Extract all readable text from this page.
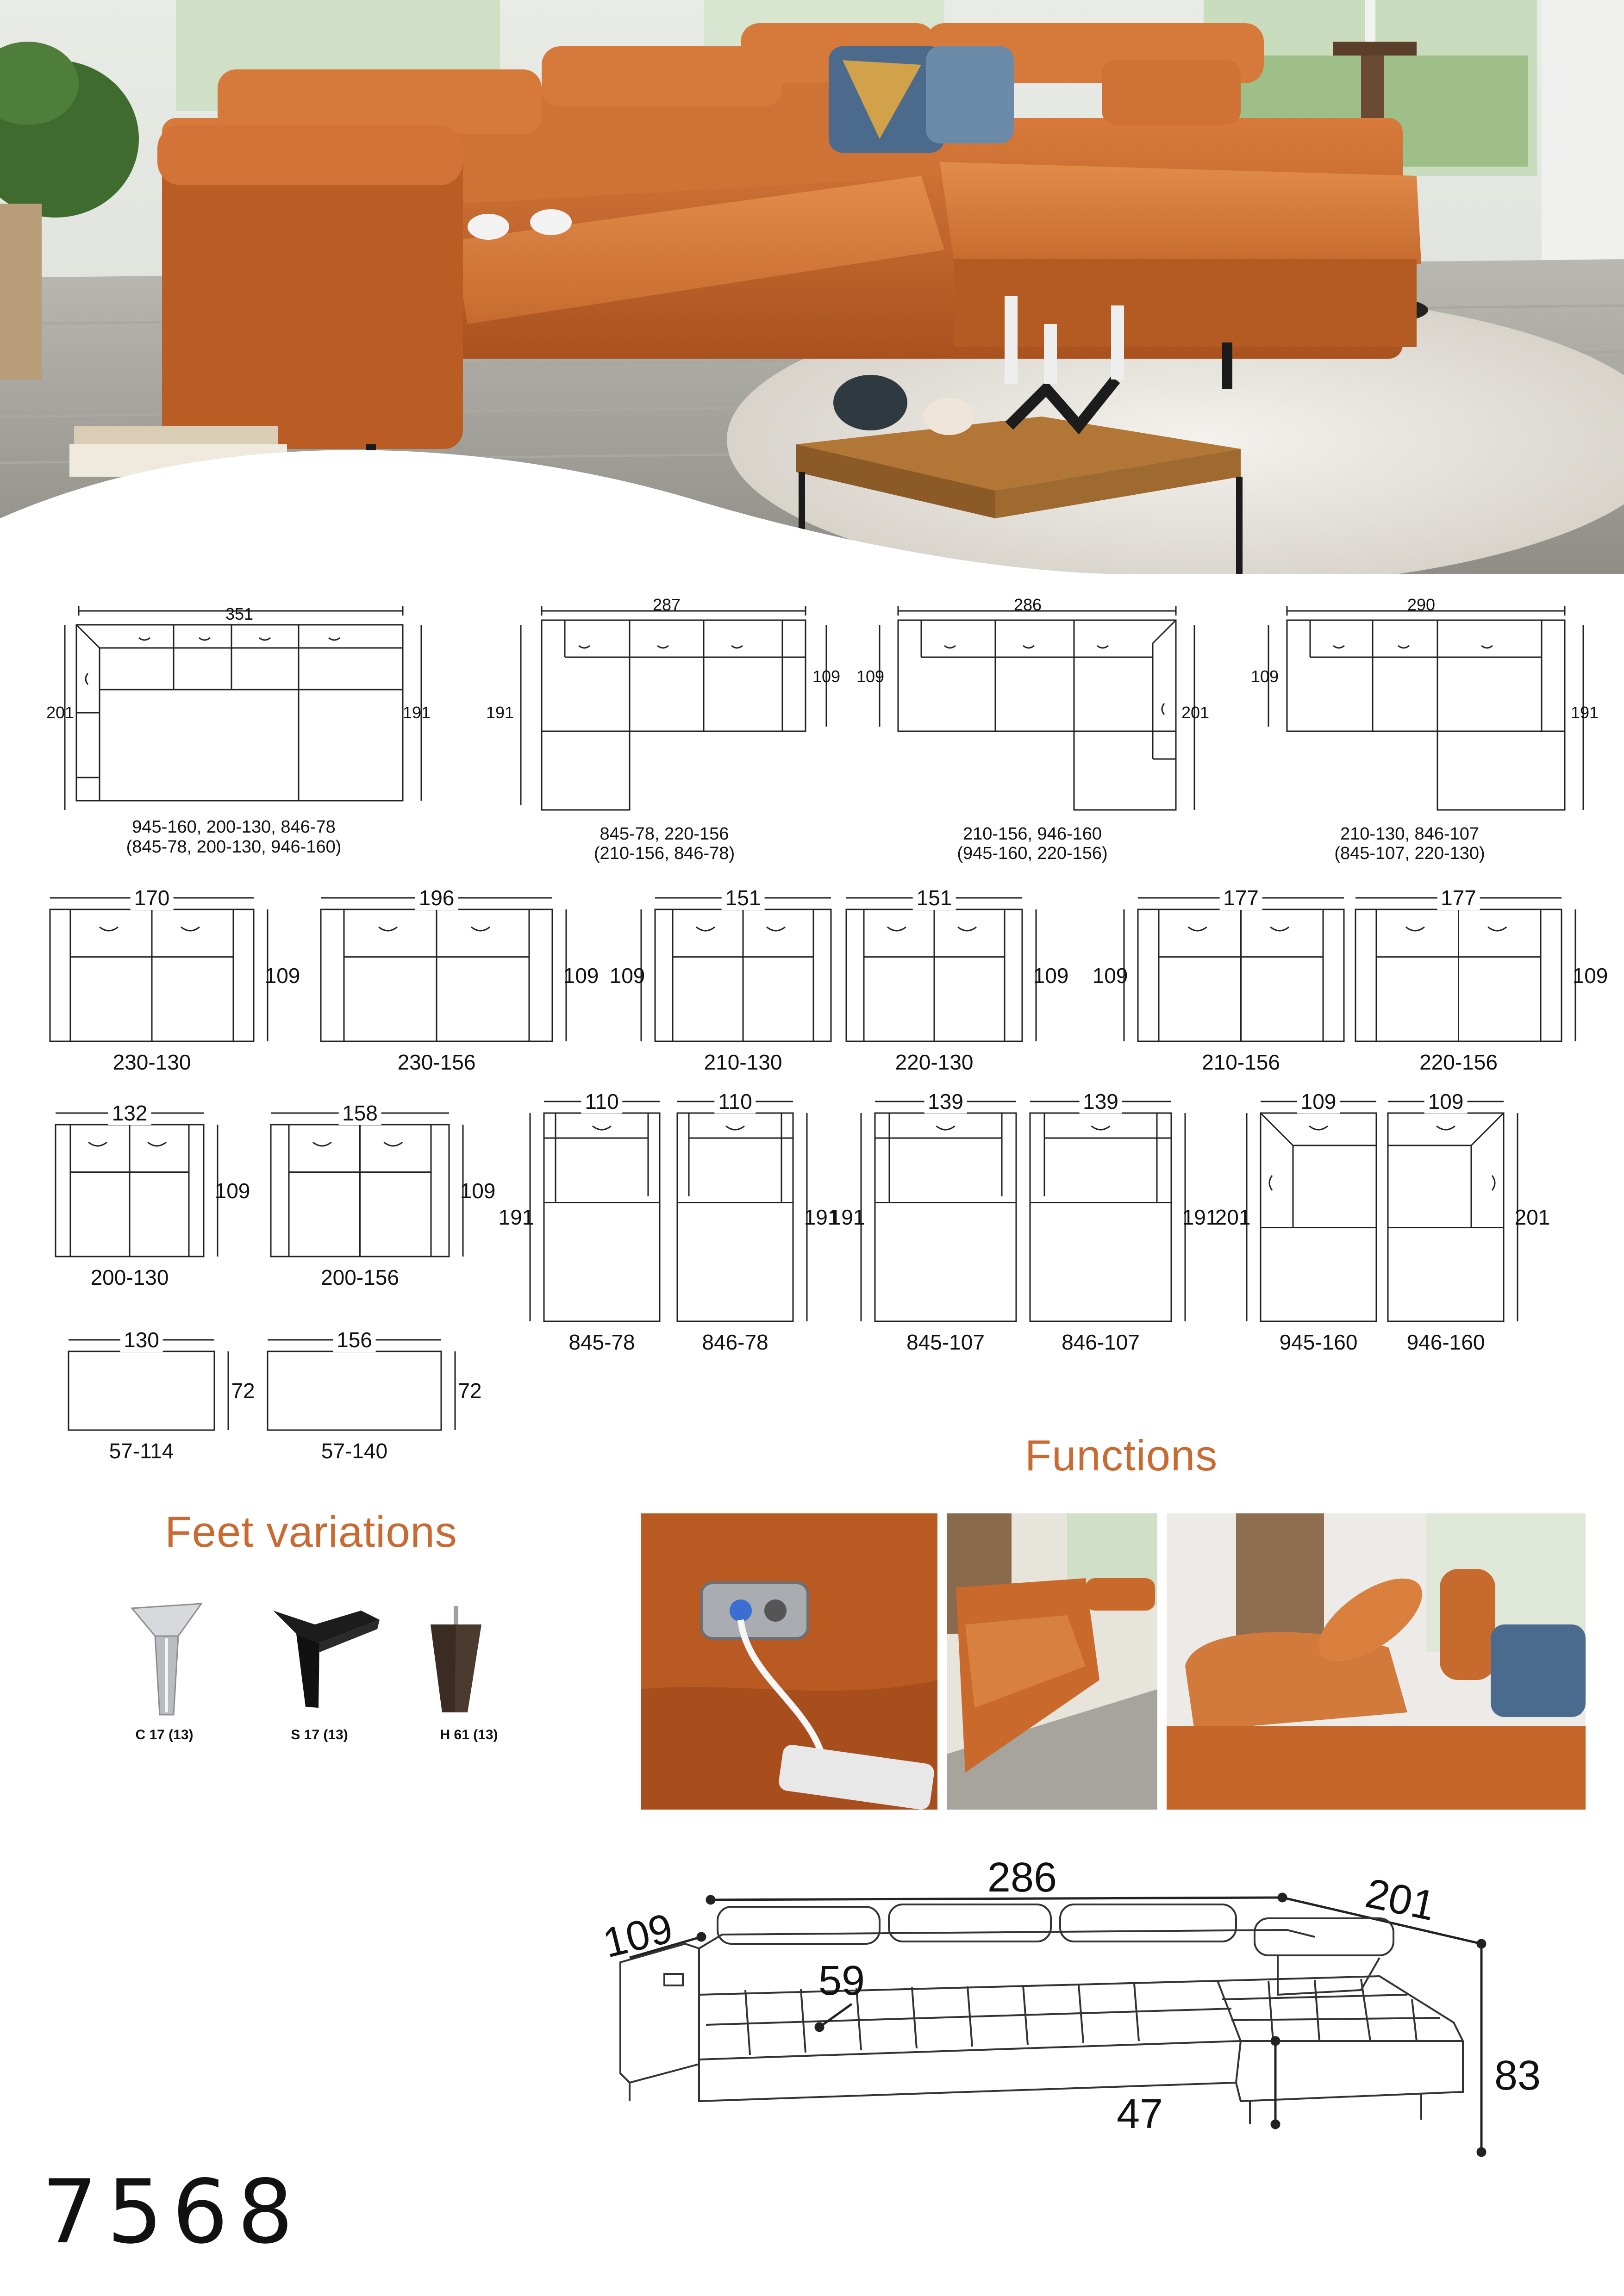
351
201	191
945-160, 200-130, 846-78
(845-78, 200-130, 946-160)
287
191
109
845-78, 220-156
(210-156, 846-78)
286
109
201
210-156, 946-160
(945-160, 220-156)
290
109
191
210-130, 846-107
(845-107, 220-130)
Functions
Feet variations
C 17 (13)	S 17 (13)	H 61 (13)
286	201
109
83
59
47
7568
170
109
230-130
196
109
230-156
151
109
210-130
151
109
220-130
177
109
210-156
177
109
220-156
132
109
200-130
158
109
200-156
110
191
845-78
110
191
846-78
139
191
845-107
139
191
846-107
109
201
945-160
109
201
946-160
130
72
57-114
156
72
57-140
